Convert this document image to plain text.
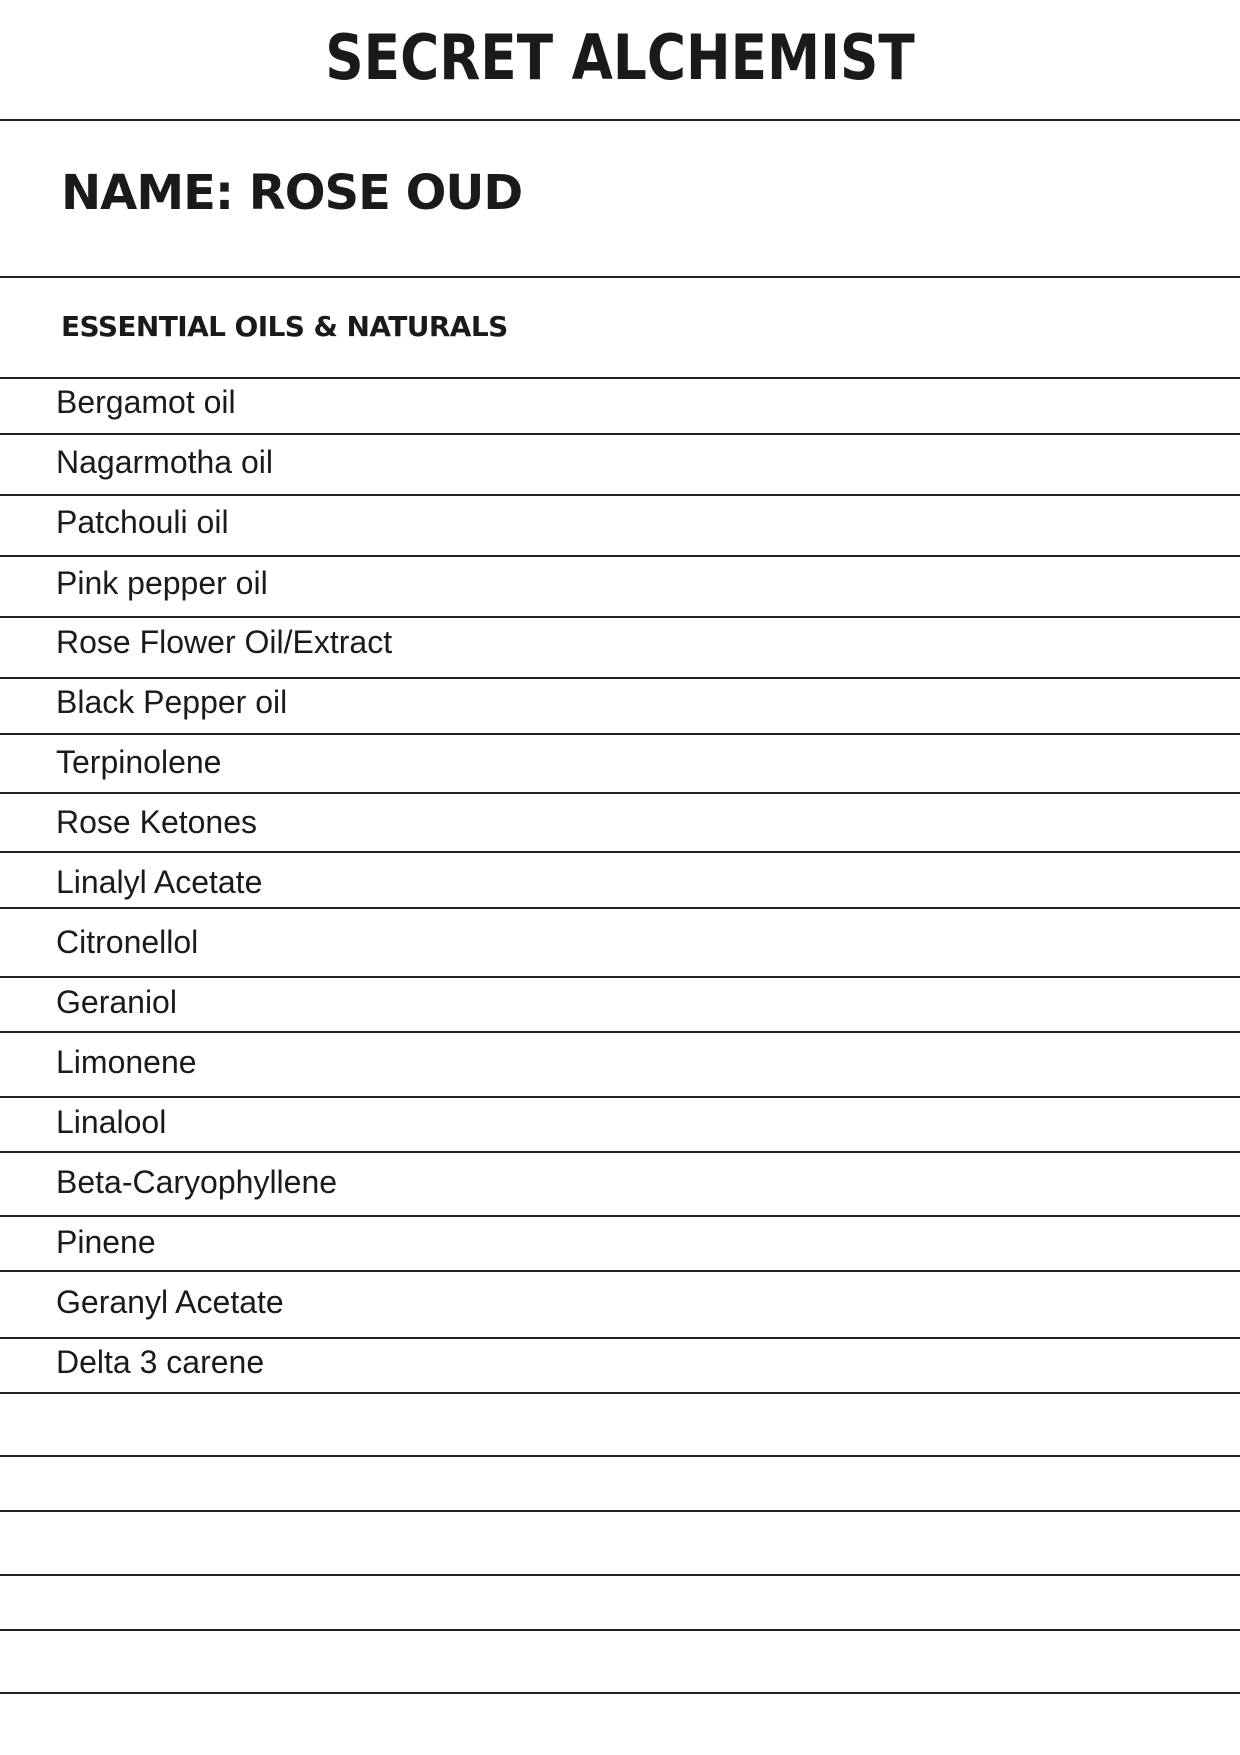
SECRET ALCHEMIST
NAME: ROSE OUD
ESSENTIAL OILS & NATURALS
Bergamot oil
Nagarmotha oil
Patchouli oil
Pink pepper oil
Rose Flower Oil/Extract
Black Pepper oil
Terpinolene
Rose Ketones
Linalyl Acetate
Citronellol
Geraniol
Limonene
Linalool
Beta-Caryophyllene
Pinene
Geranyl Acetate
Delta 3 carene
